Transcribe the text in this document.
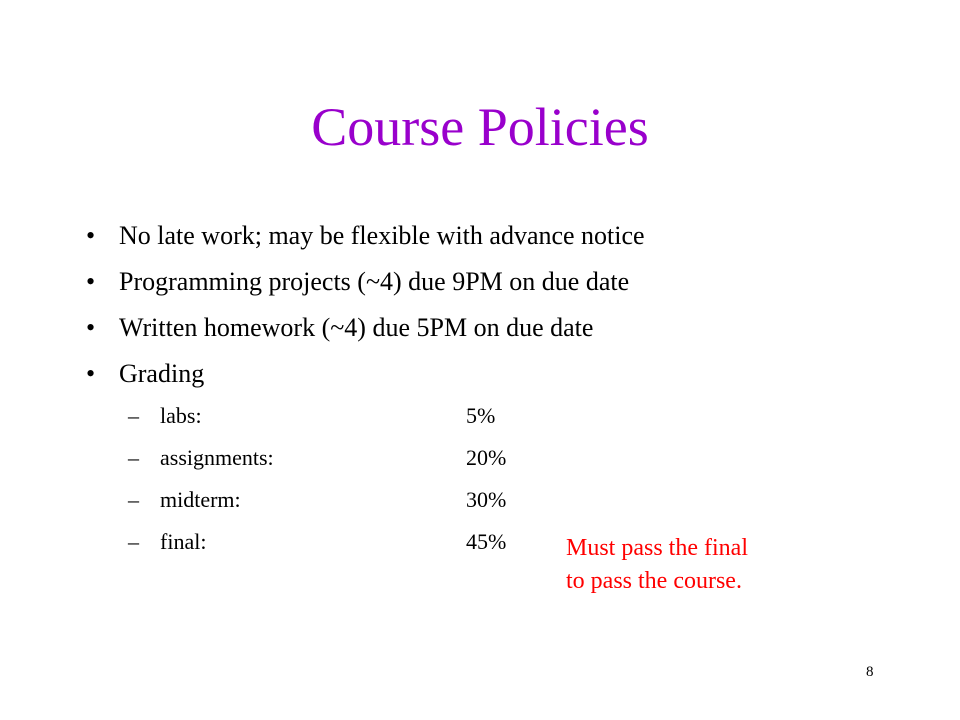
Course Policies
• No late work; may be flexible with advance notice
• Programming projects (~4) due 9PM on due date
• Written homework (~4) due 5PM on due date
• Grading
– labs:	5%
– assignments:	20%
– midterm:	30%
– final:	45% Must pass the final
to pass the course.
8
